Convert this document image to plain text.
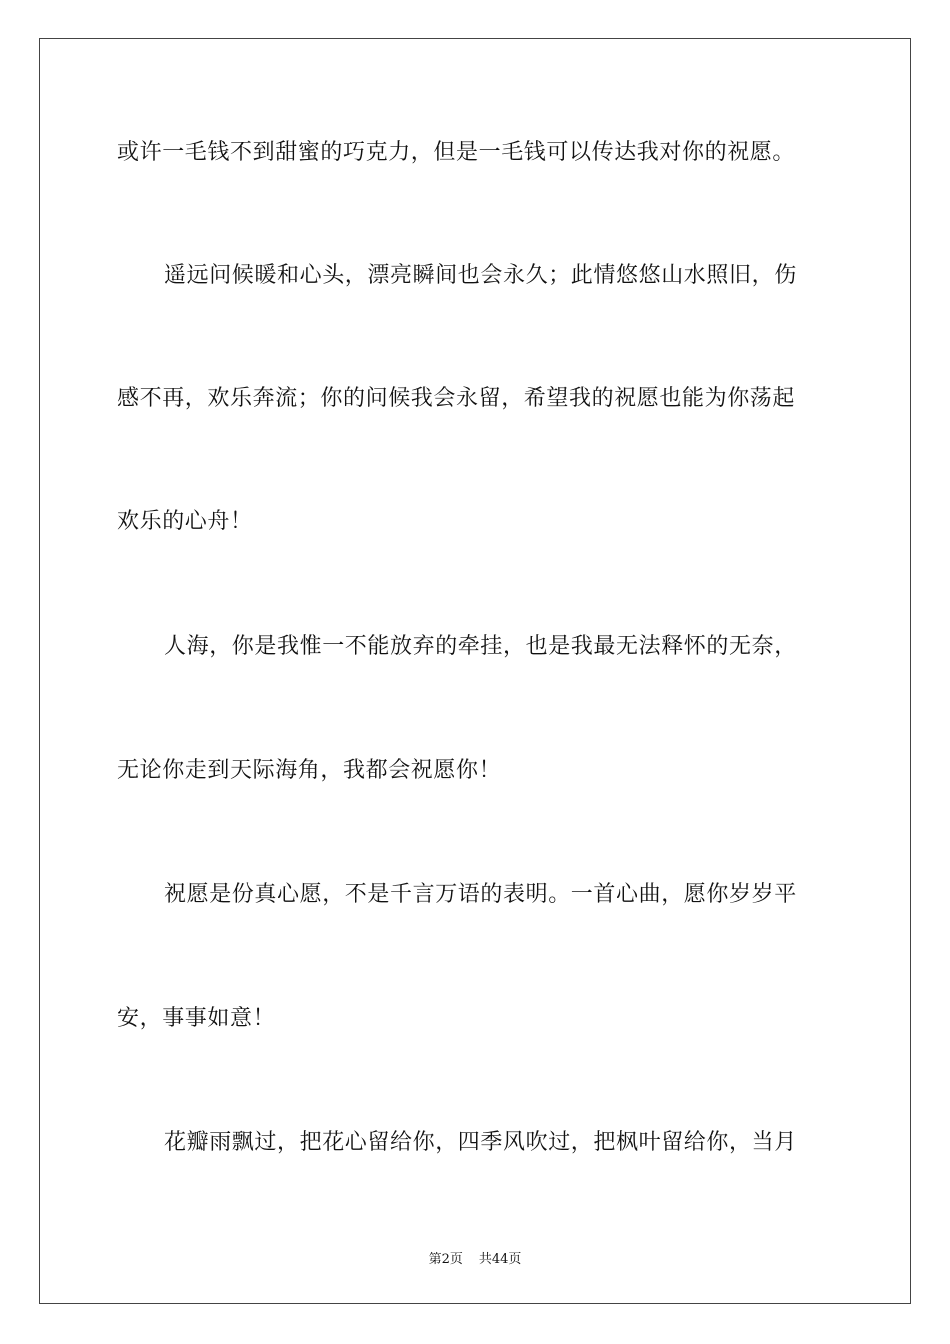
或许一毛钱不到甜蜜的巧克力，但是一毛钱可以传达我对你的祝愿。
遥远问候暖和心头，漂亮瞬间也会永久；此情悠悠山水照旧，伤
感不再，欢乐奔流；你的问候我会永留，希望我的祝愿也能为你荡起
欢乐的心舟！
人海，你是我惟一不能放弃的牵挂，也是我最无法释怀的无奈，
无论你走到天际海角，我都会祝愿你！
祝愿是份真心愿，不是千言万语的表明。一首心曲，愿你岁岁平
安，事事如意！
花瓣雨飘过，把花心留给你，四季风吹过，把枫叶留给你，当月
第2页 共44页
